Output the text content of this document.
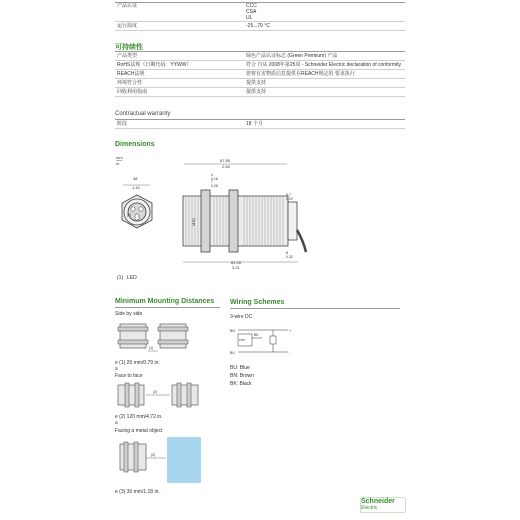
产品认证	CCC
CSA
UL
运行温度	-25...70 °C
可持续性
产品类型	绿色产品认证标志 (Green Premium) 产品
RoHS法规（日期代码：YYWW）	符合 自从 2008年第25周 - Schneider Electric declaration of conformity
REACH法规	您将有害物质信息提供在REACH规定的 要求执行
环境符合性	提供支持
回收利用指南	提供支持
Contractual warranty
阶段	18 个月
Dimensions
mm
in.
38
1.42
(1)
67.85
2.64
4
0.16
7
0.28
M30
5.7
0.22
8
0.32
81.55
3.21
(1) LED
Minimum Mounting Distances
Side by side
(1)
e (1) 20 mm/0.79 in.
≥
Face to face
(2)
e (2) 120 mm/4.72 in.
≥
Facing a metal object
(3)
e (3) 30 mm/1.18 in.
Wiring Schemes
3-wire DC
PNP
BN
BU
BK
+
-
BU: Blue
BN: Brown
BK: Black
Schneider
Electric
